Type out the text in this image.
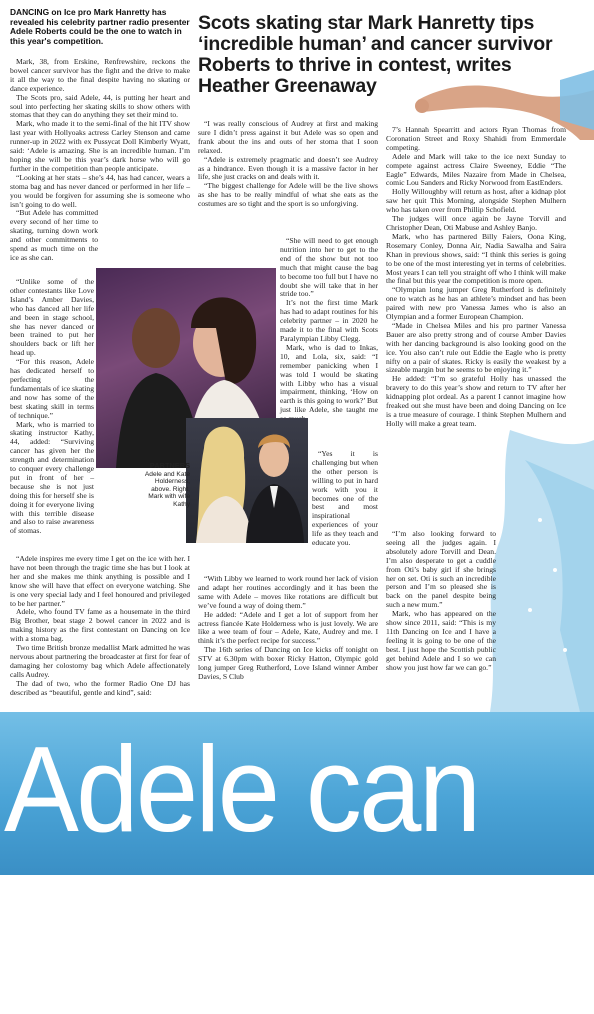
DANCING on Ice pro Mark Hanretty has revealed his celebrity partner radio presenter Adele Roberts could be the one to watch in this year's competition.
Scots skating star Mark Hanretty tips ‘incredible human’ and cancer survivor Roberts to thrive in contest, writes Heather Greenaway

Mark, 38, from Erskine, Renfrewshire, reckons the bowel cancer survivor has the fight and the drive to make it all the way to the final despite having no skating or dance experience.

The Scots pro, said Adele, 44, is putting her heart and soul into perfecting her skating skills to show others with stomas that they can do anything they set their mind to.

Mark, who made it to the semi-final of the hit ITV show last year with Hollyoaks actress Carley Stenson and came runner-up in 2022 with ex Pussycat Doll Kimberly Wyatt, said: ‘Adele is amazing. She is an incredible human. I’m hoping she will be this year’s dark horse who will go further in the competition than people anticipate.

“Looking at her stats – she’s 44, has had cancer, wears a stoma bag and has never danced or performed in her life – you would be forgiven for assuming she is someone who isn’t going to do well.

“But Adele has committed every second of her time to skating, turning down work and other commitments to spend as much time on the ice as she can.

“Unlike some of the other contestants like Love Island’s Amber Davies, who has danced all her life and been in stage school, she has never danced or been trained to put her shoulders back or lift her head up.

“For this reason, Adele has dedicated herself to perfecting the fundamentals of ice skating and now has some of the best skating skill in terms of technique.”

Mark, who is married to skating instructor Kathy, 44, added: “Surviving cancer has given her the strength and determination to conquer every challenge put in front of her – because she is not just doing this for herself she is doing it for everyone living with this terrible disease and also to raise awareness of stomas.

“Adele inspires me every time I get on the ice with her. I have not been through the tragic time she has but I look at her and she makes me think anything is possible and I know she will have that effect on everyone watching. She is one very special lady and I feel honoured and privileged to be her partner.”

Adele, who found TV fame as a housemate in the third Big Brother, beat stage 2 bowel cancer in 2022 and is making history as the first contestant on Dancing on Ice with a stoma bag.

Two time British bronze medallist Mark admitted he was nervous about partnering the broadcaster at first for fear of damaging her colostomy bag which Adele affectionately calls Audrey.

The dad of two, who the former Radio One DJ has described as “beautiful, gentle and kind”, said:

“I was really conscious of Audrey at first and making sure I didn’t press against it but Adele was so open and frank about the ins and outs of her stoma that I soon relaxed.

“Adele is extremely pragmatic and doesn’t see Audrey as a hindrance. Even though it is a massive factor in her life, she just cracks on and deals with it.

“The biggest challenge for Adele will be the live shows as she has to be really mindful of what she eats as the costumes are so tight and the sport is so unforgiving.

“She will need to get enough nutrition into her to get to the end of the show but not too much that might cause the bag to become too full but I have no doubt she will take that in her stride too.”

It’s not the first time Mark has had to adapt routines for his celebrity partner – in 2020 he made it to the final with Scots Paralympian Libby Clegg.

Mark, who is dad to Inkas, 10, and Lola, six, said: “I remember panicking when I was told I would be skating with Libby who has a visual impairment, thinking, ‘How on earth is this going to work?’ But just like Adele, she taught me

“Yes it is challenging but when the other person is willing to put in hard work with you it becomes one of the best and most inspirational experiences of your life as they teach and educate you.

“With Libby we learned to work round her lack of vision and adapt her routines accordingly and it has been the same with Adele – moves like rotations are difficult but we’ve found a way of doing them.”

He added: “Adele and I get a lot of support from her actress fiancée Kate Holderness who is just lovely. We are like a wee team of four – Adele, Kate, Audrey and me. I think it’s the perfect recipe for success.”

The 16th series of Dancing on Ice kicks off tonight on STV at 6.30pm with boxer Ricky Hatton, Olympic gold long jumper Greg Rutherford, Love Island winner Amber Davies, S Club

7’s Hannah Spearritt and actors Ryan Thomas from Coronation Street and Roxy Shahidi from Emmerdale competing.

Adele and Mark will take to the ice next Sunday to compete against actress Claire Sweeney, Eddie “The Eagle” Edwards, Miles Nazaire from Made in Chelsea, comic Lou Sanders and Ricky Norwood from EastEnders.

Holly Willoughby will return as host, after a kidnap plot saw her quit This Morning, alongside Stephen Mulhern who has taken over from Phillip Schofield.

The judges will once again be Jayne Torvill and Christopher Dean, Oti Mabuse and Ashley Banjo.

Mark, who has partnered Billy Faiers, Oona King, Rosemary Conley, Donna Air, Nadia Sawalha and Saira Khan in previous shows, said: “I think this series is going to be one of the most interesting yet in terms of celebrities. Most years I can tell you straight off who I think will make the final but this year the competition is more open.

“Olympian long jumper Greg Rutherford is definitely one to watch as he has an athlete’s mindset and has been paired with new pro Vanessa James who is also an Olympian and a former European Champion.

“Made in Chelsea Miles and his pro partner Vanessa Bauer are also pretty strong and of course Amber Davies with her dancing background is also looking good on the ice. You also can’t rule out Eddie the Eagle who is pretty nifty on a pair of skates. Ricky is easily the weakest by a sizeable margin but he seems to be enjoying it.”

He added: “I’m so grateful Holly has unassed the bravery to do this year’s show and return to TV after her kidnapping plot ordeal. As a parent I cannot imagine how freaked out she must have been and doing Dancing on Ice is a true measure of courage. I think Stephen Mulhern and Holly will make a great team.

“I’m also looking forward to seeing all the judges again. I absolutely adore Torvill and Dean. I’m also desperate to get a cuddle from Oti’s baby girl if she brings her on set. Oti is such an incredible person and I’m so pleased she is back on the panel despite being such a new mum.”

Mark, who has appeared on the show since 2011, said: “This is my 11th Dancing on Ice and I have a feeling it is going to be one of the best. I just hope the Scottish public get behind Adele and I so we can show you just how far we can go.”

PARTNERS
Adele and Kate Holderness, above. Right, Mark with wife Kathy
Adele can be
